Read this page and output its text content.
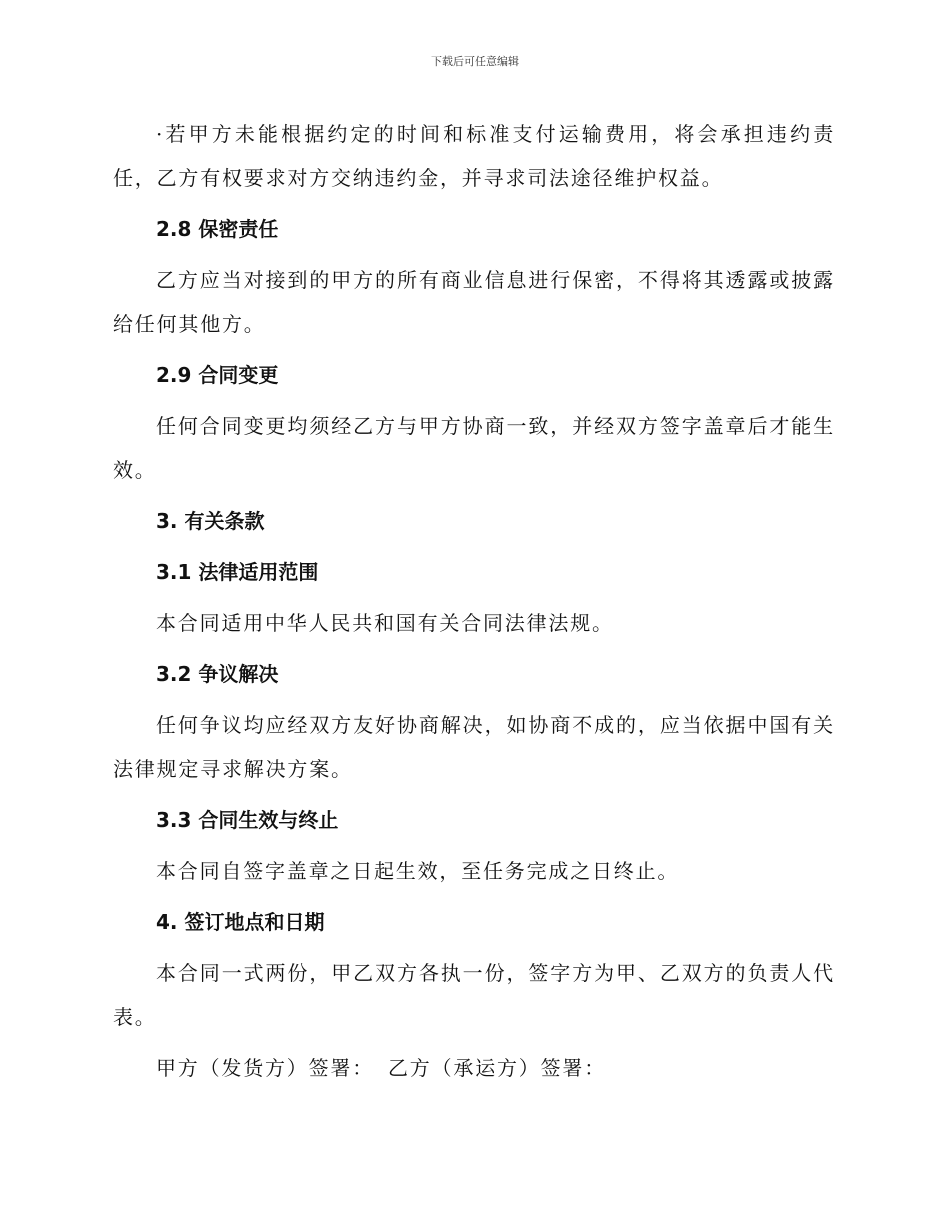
下载后可任意编辑

·若甲方未能根据约定的时间和标准支付运输费用，将会承担违约责任，乙方有权要求对方交纳违约金，并寻求司法途径维护权益。

2.8 保密责任

乙方应当对接到的甲方的所有商业信息进行保密，不得将其透露或披露给任何其他方。

2.9 合同变更

任何合同变更均须经乙方与甲方协商一致，并经双方签字盖章后才能生效。

3. 有关条款
3.1 法律适用范围

本合同适用中华人民共和国有关合同法律法规。

3.2 争议解决

任何争议均应经双方友好协商解决，如协商不成的，应当依据中国有关法律规定寻求解决方案。

3.3 合同生效与终止

本合同自签字盖章之日起生效，至任务完成之日终止。

4. 签订地点和日期

本合同一式两份，甲乙双方各执一份，签字方为甲、乙双方的负责人代表。

甲方（发货方）签署： 乙方（承运方）签署：
